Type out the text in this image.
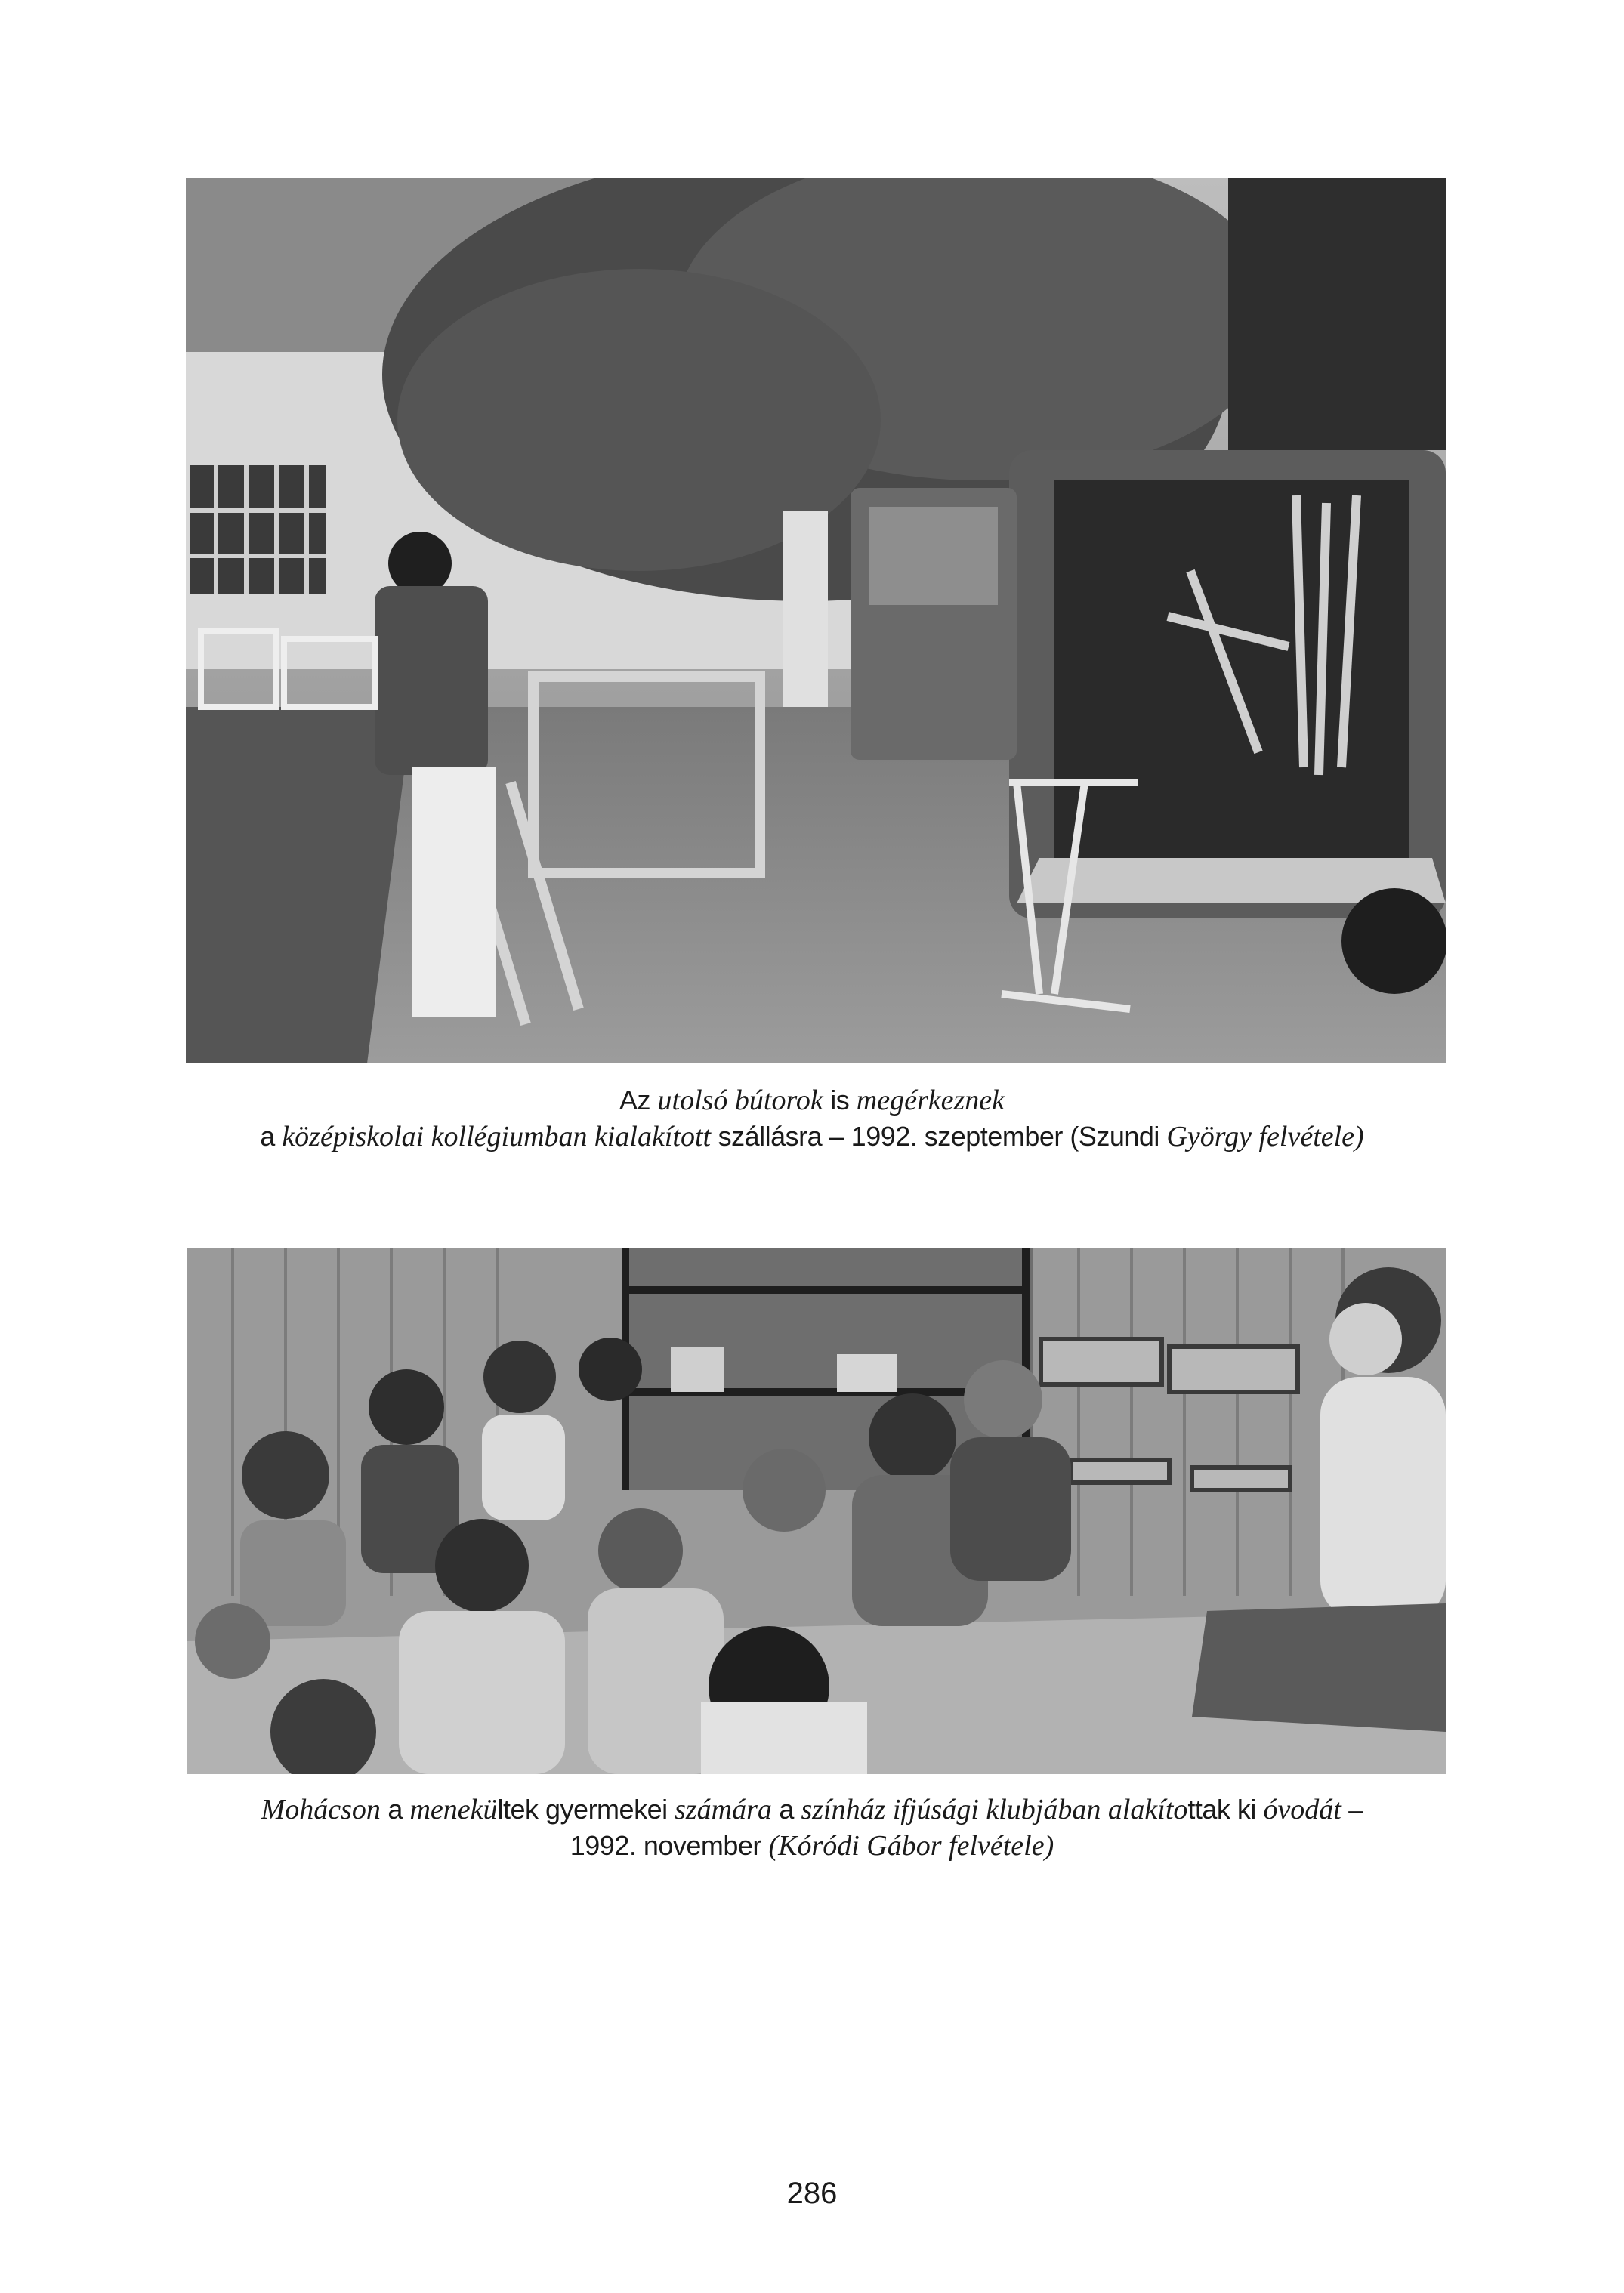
Az utolsó bútorok is megérkeznek
a középiskolai kollégiumban kialakított szállásra – 1992. szeptember (Szundi György felvétele)
Mohácson a menekültek gyermekei számára a színház ifjúsági klubjában alakítottak ki óvodát –
1992. november (Kóródi Gábor felvétele)
286
